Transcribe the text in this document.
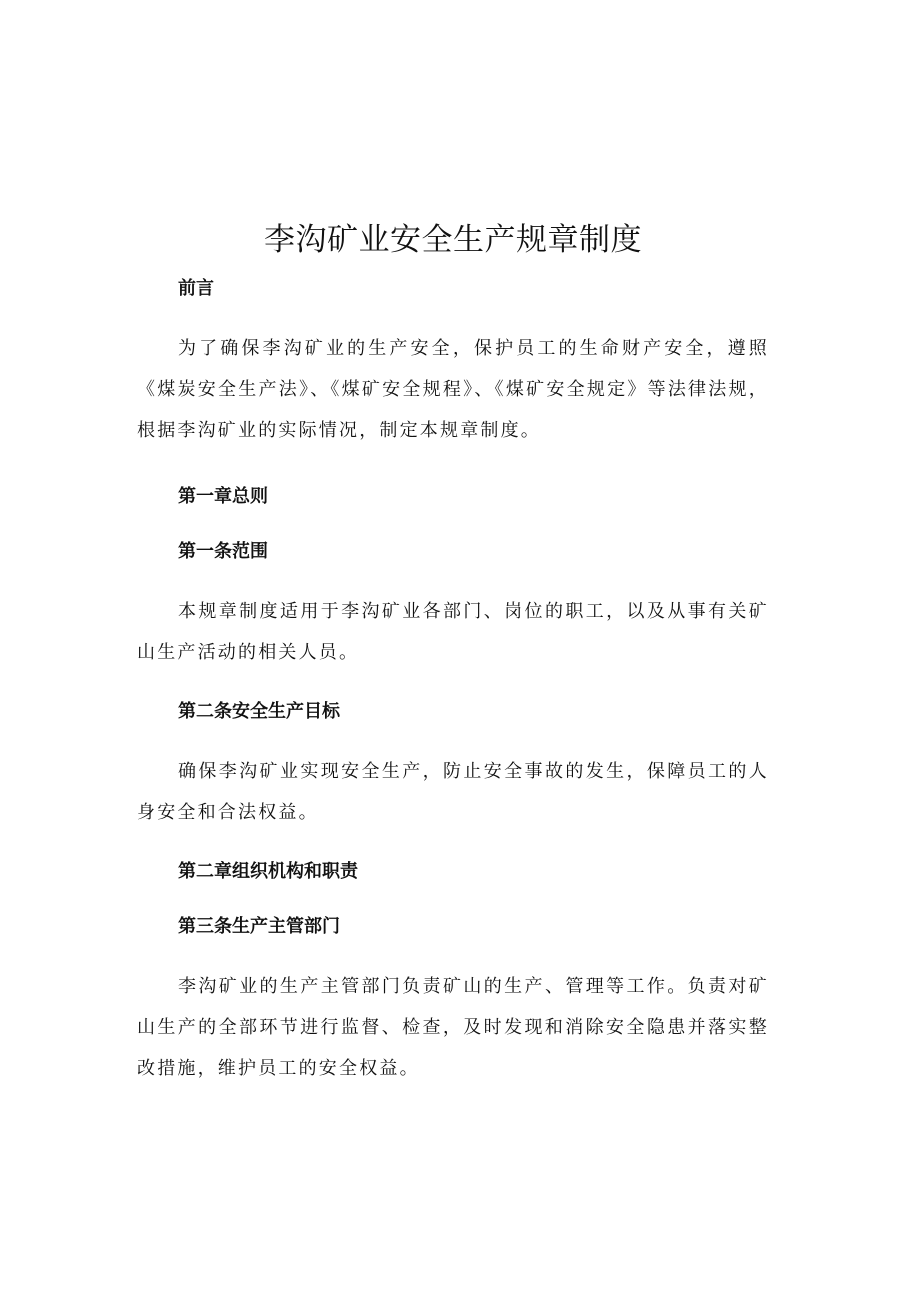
李沟矿业安全生产规章制度
前言

为了确保李沟矿业的生产安全，保护员工的生命财产安全，遵照《煤炭安全生产法》、《煤矿安全规程》、《煤矿安全规定》等法律法规，根据李沟矿业的实际情况，制定本规章制度。

第一章总则
第一条范围

本规章制度适用于李沟矿业各部门、岗位的职工，以及从事有关矿山生产活动的相关人员。

第二条安全生产目标

确保李沟矿业实现安全生产，防止安全事故的发生，保障员工的人身安全和合法权益。

第二章组织机构和职责
第三条生产主管部门

李沟矿业的生产主管部门负责矿山的生产、管理等工作。负责对矿山生产的全部环节进行监督、检查，及时发现和消除安全隐患并落实整改措施，维护员工的安全权益。
